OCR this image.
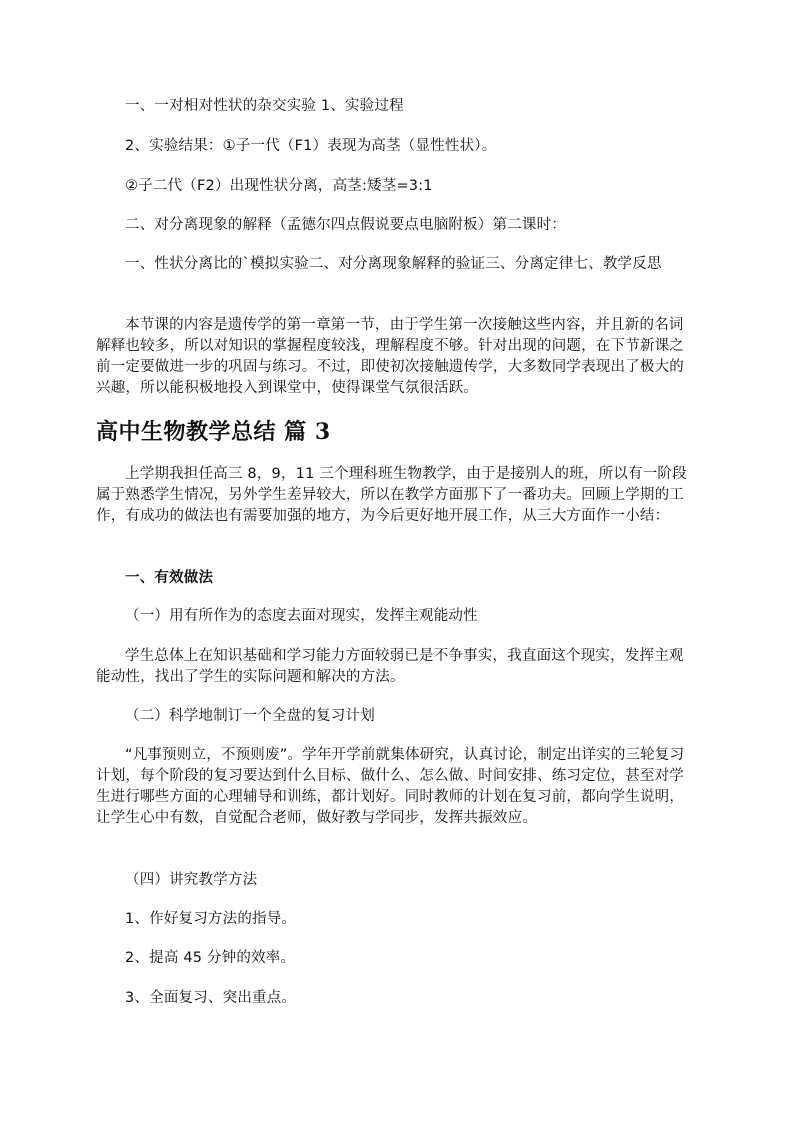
一、一对相对性状的杂交实验 1、实验过程

2、实验结果：①子一代（F1）表现为高茎（显性性状）。

②子二代（F2）出现性状分离，高茎:矮茎=3:1

二、对分离现象的解释（孟德尔四点假说要点电脑附板）第二课时：

一、性状分离比的`模拟实验二、对分离现象解释的验证三、分离定律七、教学反思

本节课的内容是遗传学的第一章第一节，由于学生第一次接触这些内容，并且新的名词解释也较多，所以对知识的掌握程度较浅，理解程度不够。针对出现的问题，在下节新课之前一定要做进一步的巩固与练习。不过，即使初次接触遗传学，大多数同学表现出了极大的兴趣，所以能积极地投入到课堂中，使得课堂气氛很活跃。

高中生物教学总结 篇 3

上学期我担任高三 8，9，11 三个理科班生物教学，由于是接别人的班，所以有一阶段属于熟悉学生情况，另外学生差异较大，所以在教学方面那下了一番功夫。回顾上学期的工作，有成功的做法也有需要加强的地方，为今后更好地开展工作，从三大方面作一小结：

一、有效做法

（一）用有所作为的态度去面对现实，发挥主观能动性

学生总体上在知识基础和学习能力方面较弱已是不争事实，我直面这个现实，发挥主观能动性，找出了学生的实际问题和解决的方法。

（二）科学地制订一个全盘的复习计划

“凡事预则立，不预则废”。学年开学前就集体研究，认真讨论，制定出详实的三轮复习计划，每个阶段的复习要达到什么目标、做什么、怎么做、时间安排、练习定位，甚至对学生进行哪些方面的心理辅导和训练，都计划好。同时教师的计划在复习前，都向学生说明，让学生心中有数，自觉配合老师，做好教与学同步，发挥共振效应。

（四）讲究教学方法

1、作好复习方法的指导。

2、提高 45 分钟的效率。

3、全面复习、突出重点。
